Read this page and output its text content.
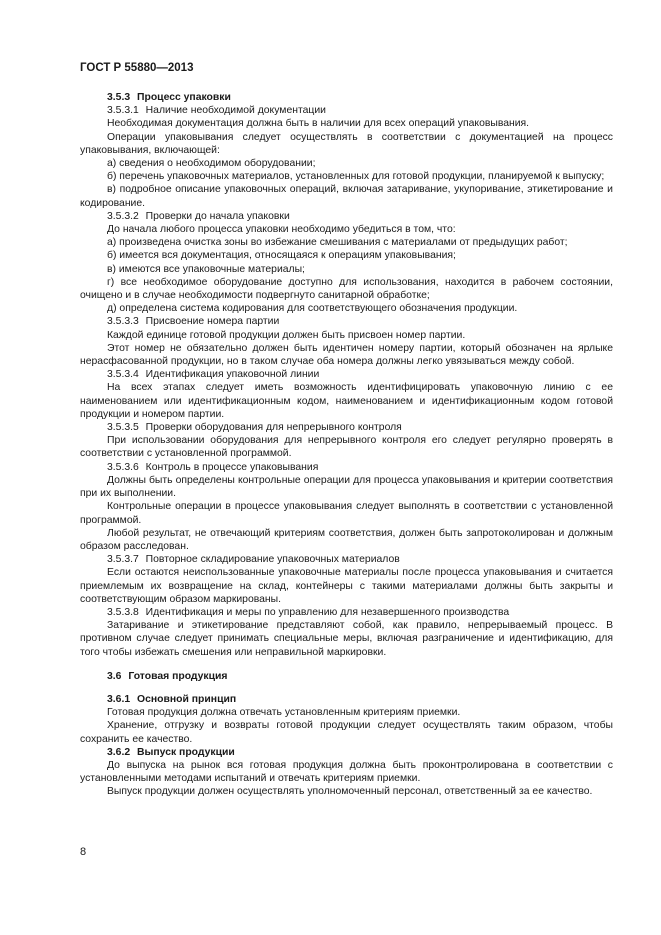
ГОСТ Р 55880—2013
3.5.3 Процесс упаковки

3.5.3.1 Наличие необходимой документации

Необходимая документация должна быть в наличии для всех операций упаковывания.

Операции упаковывания следует осуществлять в соответствии с документацией на процесс упаковывания, включающей:

а) сведения о необходимом оборудовании;

б) перечень упаковочных материалов, установленных для готовой продукции, планируемой к выпуску;

в) подробное описание упаковочных операций, включая затаривание, укупоривание, этикетирование и кодирование.

3.5.3.2 Проверки до начала упаковки

До начала любого процесса упаковки необходимо убедиться в том, что:

а) произведена очистка зоны во избежание смешивания с материалами от предыдущих работ;

б) имеется вся документация, относящаяся к операциям упаковывания;

в) имеются все упаковочные материалы;

г) все необходимое оборудование доступно для использования, находится в рабочем состоянии, очищено и в случае необходимости подвергнуто санитарной обработке;

д) определена система кодирования для соответствующего обозначения продукции.

3.5.3.3 Присвоение номера партии

Каждой единице готовой продукции должен быть присвоен номер партии.

Этот номер не обязательно должен быть идентичен номеру партии, который обозначен на ярлыке нерасфасованной продукции, но в таком случае оба номера должны легко увязываться между собой.

3.5.3.4 Идентификация упаковочной линии

На всех этапах следует иметь возможность идентифицировать упаковочную линию с ее наименованием или идентификационным кодом, наименованием и идентификационным кодом готовой продукции и номером партии.

3.5.3.5 Проверки оборудования для непрерывного контроля

При использовании оборудования для непрерывного контроля его следует регулярно проверять в соответствии с установленной программой.

3.5.3.6 Контроль в процессе упаковывания

Должны быть определены контрольные операции для процесса упаковывания и критерии соответствия при их выполнении.

Контрольные операции в процессе упаковывания следует выполнять в соответствии с установленной программой.

Любой результат, не отвечающий критериям соответствия, должен быть запротоколирован и должным образом расследован.

3.5.3.7 Повторное складирование упаковочных материалов

Если остаются неиспользованные упаковочные материалы после процесса упаковывания и считается приемлемым их возвращение на склад, контейнеры с такими материалами должны быть закрыты и соответствующим образом маркированы.

3.5.3.8 Идентификация и меры по управлению для незавершенного производства

Затаривание и этикетирование представляют собой, как правило, непрерываемый процесс. В противном случае следует принимать специальные меры, включая разграничение и идентификацию, для того чтобы избежать смешения или неправильной маркировки.

3.6 Готовая продукция
3.6.1 Основной принцип

Готовая продукция должна отвечать установленным критериям приемки.

Хранение, отгрузку и возвраты готовой продукции следует осуществлять таким образом, чтобы сохранить ее качество.

3.6.2 Выпуск продукции

До выпуска на рынок вся готовая продукция должна быть проконтролирована в соответствии с установленными методами испытаний и отвечать критериям приемки.

Выпуск продукции должен осуществлять уполномоченный персонал, ответственный за ее качество.

8
